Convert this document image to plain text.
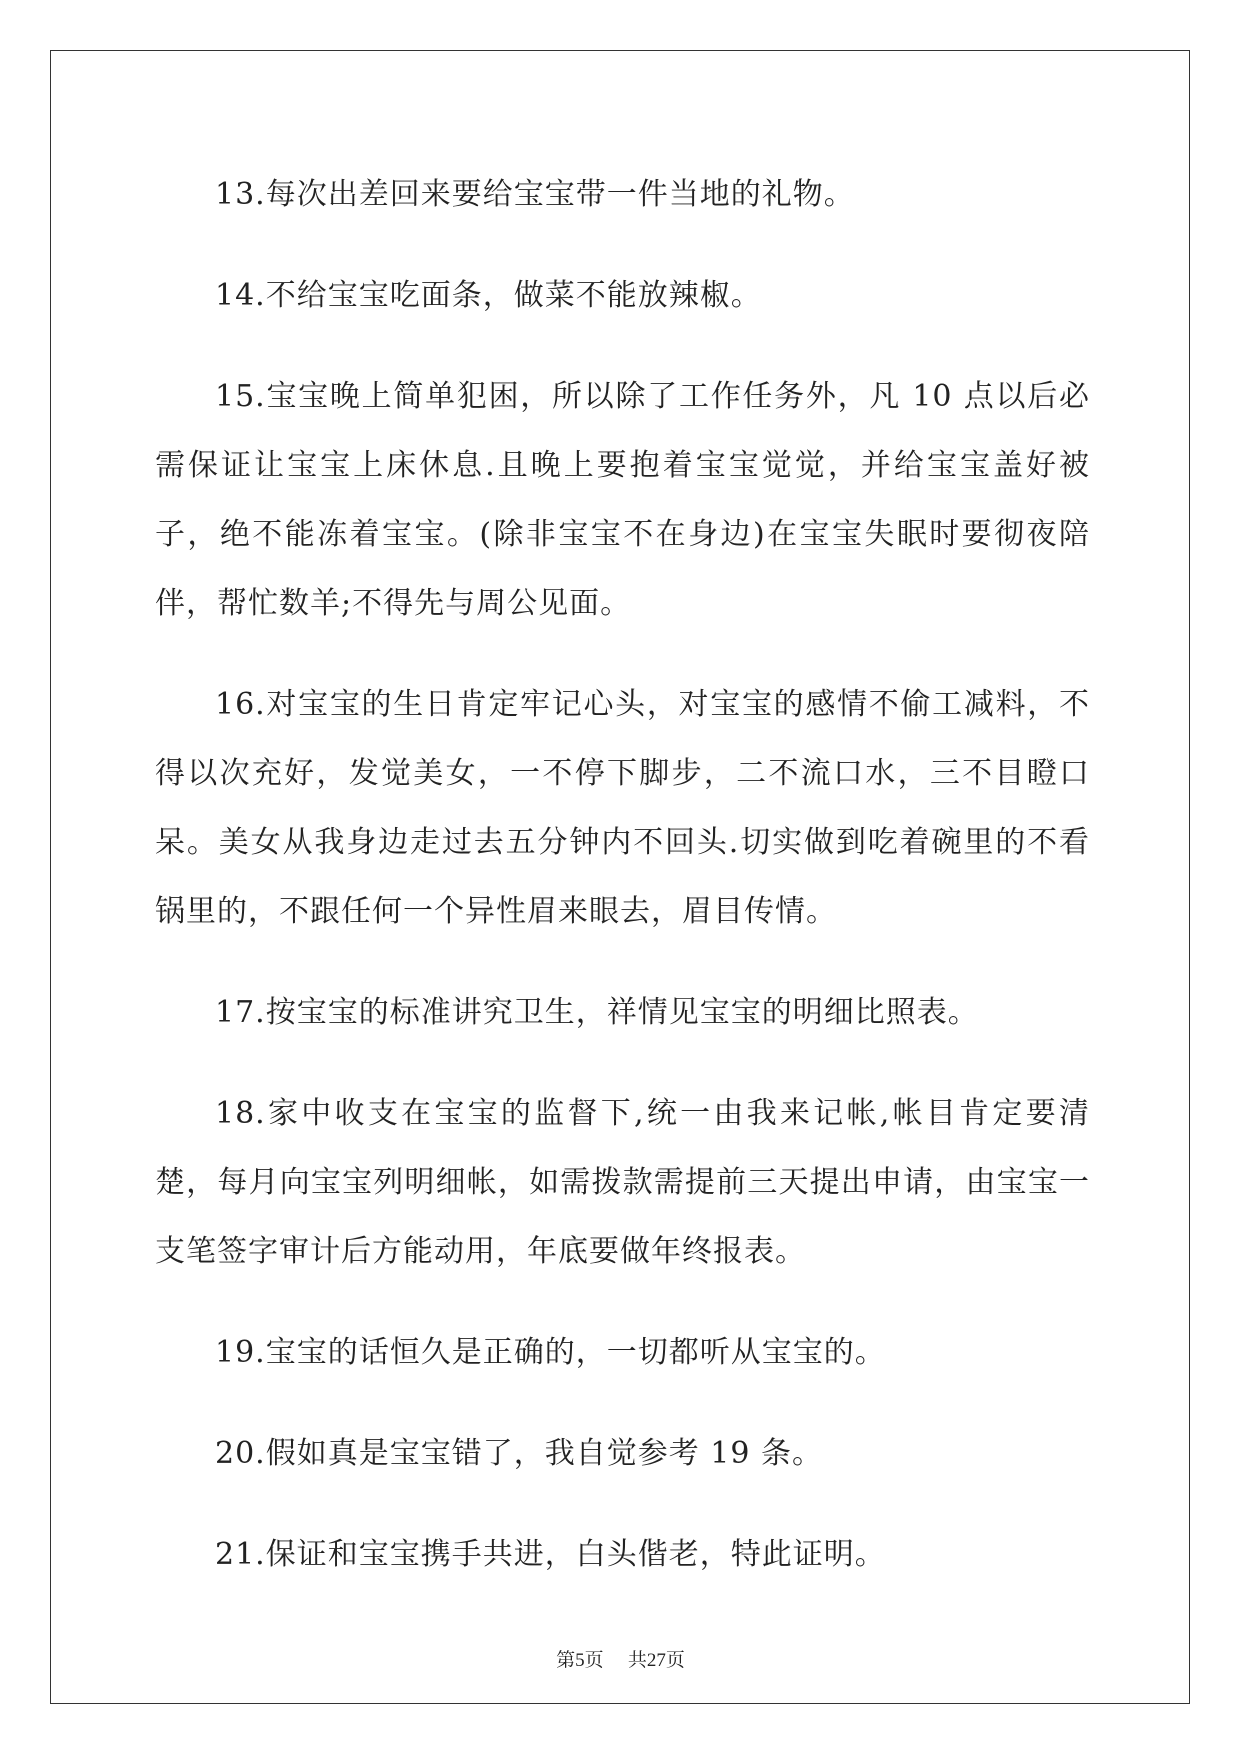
13.每次出差回来要给宝宝带一件当地的礼物。

14.不给宝宝吃面条，做菜不能放辣椒。

15.宝宝晚上简单犯困，所以除了工作任务外，凡 10 点以后必需保证让宝宝上床休息.且晚上要抱着宝宝觉觉，并给宝宝盖好被子，绝不能冻着宝宝。(除非宝宝不在身边)在宝宝失眠时要彻夜陪伴，帮忙数羊;不得先与周公见面。

16.对宝宝的生日肯定牢记心头，对宝宝的感情不偷工减料，不得以次充好，发觉美女，一不停下脚步，二不流口水，三不目瞪口呆。美女从我身边走过去五分钟内不回头.切实做到吃着碗里的不看锅里的，不跟任何一个异性眉来眼去，眉目传情。

17.按宝宝的标准讲究卫生，祥情见宝宝的明细比照表。

18.家中收支在宝宝的监督下,统一由我来记帐,帐目肯定要清楚，每月向宝宝列明细帐，如需拨款需提前三天提出申请，由宝宝一支笔签字审计后方能动用，年底要做年终报表。

19.宝宝的话恒久是正确的，一切都听从宝宝的。

20.假如真是宝宝错了，我自觉参考 19 条。

21.保证和宝宝携手共进，白头偕老，特此证明。

第5页 共27页
